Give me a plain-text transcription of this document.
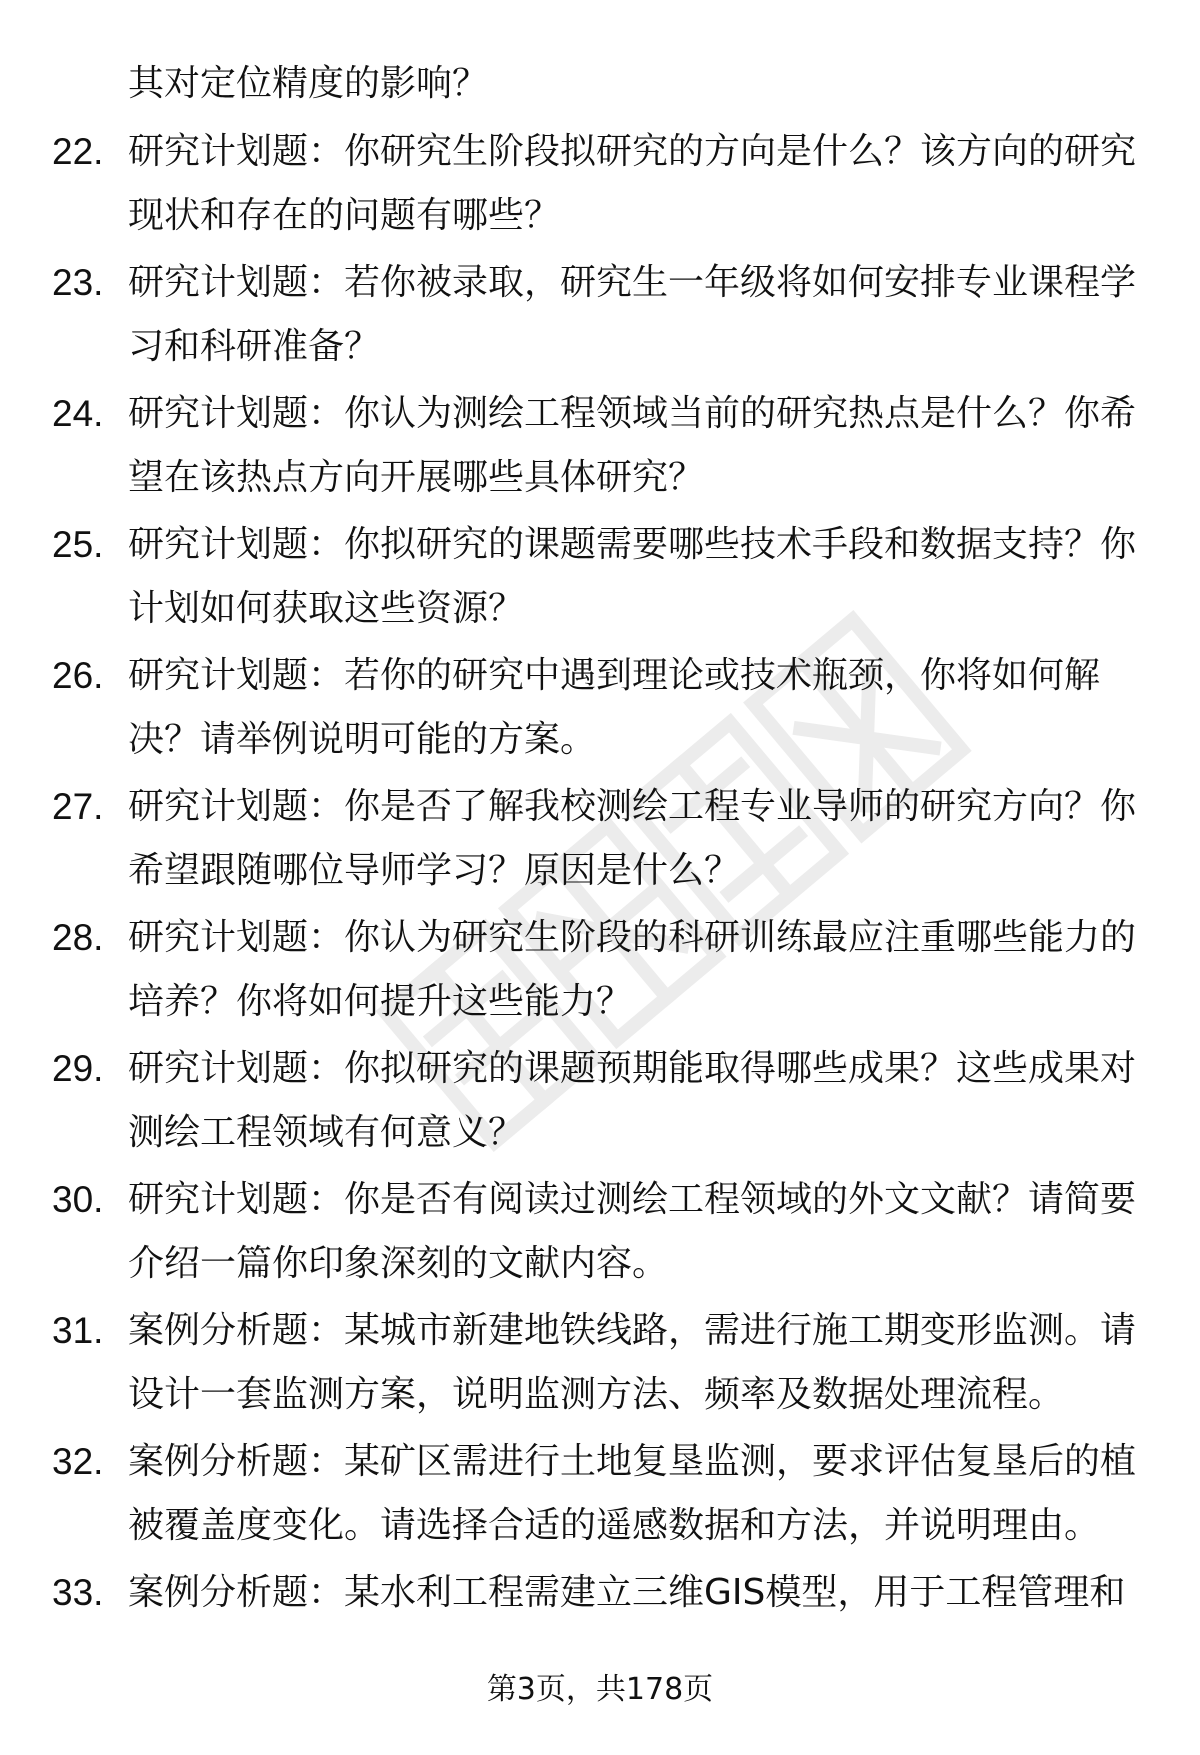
其对定位精度的影响？
22. 研究计划题：你研究生阶段拟研究的方向是什么？该方向的研究现状和存在的问题有哪些？
23. 研究计划题：若你被录取，研究生一年级将如何安排专业课程学习和科研准备？
24. 研究计划题：你认为测绘工程领域当前的研究热点是什么？你希望在该热点方向开展哪些具体研究？
25. 研究计划题：你拟研究的课题需要哪些技术手段和数据支持？你计划如何获取这些资源？
26. 研究计划题：若你的研究中遇到理论或技术瓶颈，你将如何解决？请举例说明可能的方案。
27. 研究计划题：你是否了解我校测绘工程专业导师的研究方向？你希望跟随哪位导师学习？原因是什么？
28. 研究计划题：你认为研究生阶段的科研训练最应注重哪些能力的培养？你将如何提升这些能力？
29. 研究计划题：你拟研究的课题预期能取得哪些成果？这些成果对测绘工程领域有何意义？
30. 研究计划题：你是否有阅读过测绘工程领域的外文文献？请简要介绍一篇你印象深刻的文献内容。
31. 案例分析题：某城市新建地铁线路，需进行施工期变形监测。请设计一套监测方案，说明监测方法、频率及数据处理流程。
32. 案例分析题：某矿区需进行土地复垦监测，要求评估复垦后的植被覆盖度变化。请选择合适的遥感数据和方法，并说明理由。
33. 案例分析题：某水利工程需建立三维GIS模型，用于工程管理和
第3页，共178页
